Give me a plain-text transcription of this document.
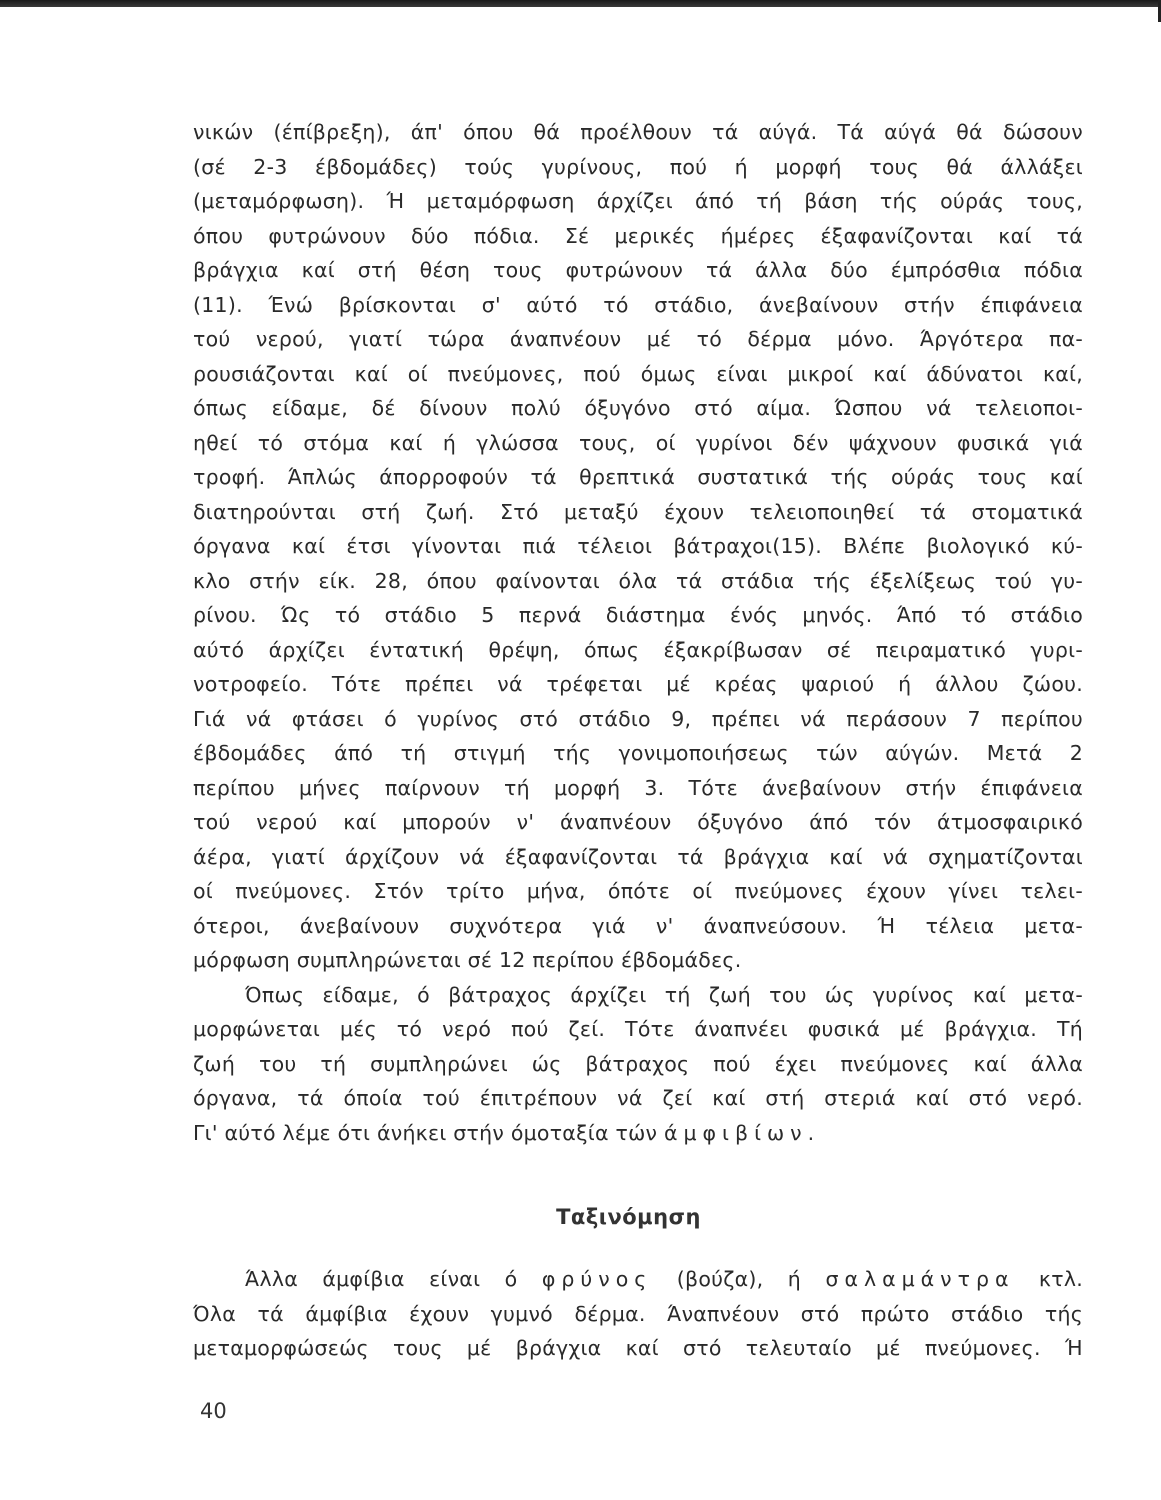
νικών (έπίβρεξη), άπ' όπου θά προέλθουν τά αύγά. Τά αύγά θά δώσουν
(σέ 2-3 έβδομάδες) τούς γυρίνους, πού ή μορφή τους θά άλλάξει
(μεταμόρφωση). Ή μεταμόρφωση άρχίζει άπό τή βάση τής ούράς τους,
όπου φυτρώνουν δύο πόδια. Σέ μερικές ήμέρες έξαφανίζονται καί τά
βράγχια καί στή θέση τους φυτρώνουν τά άλλα δύο έμπρόσθια πόδια
(11). Ένώ βρίσκονται σ' αύτό τό στάδιο, άνεβαίνουν στήν έπιφάνεια
τού νερού, γιατί τώρα άναπνέουν μέ τό δέρμα μόνο. Άργότερα πα-
ρουσιάζονται καί οί πνεύμονες, πού όμως είναι μικροί καί άδύνατοι καί,
όπως είδαμε, δέ δίνουν πολύ όξυγόνο στό αίμα. Ώσπου νά τελειοποι-
ηθεί τό στόμα καί ή γλώσσα τους, οί γυρίνοι δέν ψάχνουν φυσικά γιά
τροφή. Άπλώς άπορροφούν τά θρεπτικά συστατικά τής ούράς τους καί
διατηρούνται στή ζωή. Στό μεταξύ έχουν τελειοποιηθεί τά στοματικά
όργανα καί έτσι γίνονται πιά τέλειοι βάτραχοι(15). Βλέπε βιολογικό κύ-
κλο στήν είκ. 28, όπου φαίνονται όλα τά στάδια τής έξελίξεως τού γυ-
ρίνου. Ώς τό στάδιο 5 περνά διάστημα ένός μηνός. Άπό τό στάδιο
αύτό άρχίζει έντατική θρέψη, όπως έξακρίβωσαν σέ πειραματικό γυρι-
νοτροφείο. Τότε πρέπει νά τρέφεται μέ κρέας ψαριού ή άλλου ζώου.
Γιά νά φτάσει ό γυρίνος στό στάδιο 9, πρέπει νά περάσουν 7 περίπου
έβδομάδες άπό τή στιγμή τής γονιμοποιήσεως τών αύγών. Μετά 2
περίπου μήνες παίρνουν τή μορφή 3. Τότε άνεβαίνουν στήν έπιφάνεια
τού νερού καί μπορούν ν' άναπνέουν όξυγόνο άπό τόν άτμοσφαιρικό
άέρα, γιατί άρχίζουν νά έξαφανίζονται τά βράγχια καί νά σχηματίζονται
οί πνεύμονες. Στόν τρίτο μήνα, όπότε οί πνεύμονες έχουν γίνει τελει-
ότεροι, άνεβαίνουν συχνότερα γιά ν' άναπνεύσουν. Ή τέλεια μετα-
μόρφωση συμπληρώνεται σέ 12 περίπου έβδομάδες.
Όπως είδαμε, ό βάτραχος άρχίζει τή ζωή του ώς γυρίνος καί μετα-
μορφώνεται μές τό νερό πού ζεί. Τότε άναπνέει φυσικά μέ βράγχια. Τή
ζωή του τή συμπληρώνει ώς βάτραχος πού έχει πνεύμονες καί άλλα
όργανα, τά όποία τού έπιτρέπουν νά ζεί καί στή στεριά καί στό νερό.
Γι' αύτό λέμε ότι άνήκει στήν όμοταξία τών άμφιβίων.
Ταξινόμηση
Άλλα άμφίβια είναι ό φρύνος (βούζα), ή σαλαμάντρα κτλ.
Όλα τά άμφίβια έχουν γυμνό δέρμα. Άναπνέουν στό πρώτο στάδιο τής
μεταμορφώσεώς τους μέ βράγχια καί στό τελευταίο μέ πνεύμονες. Ή
40
